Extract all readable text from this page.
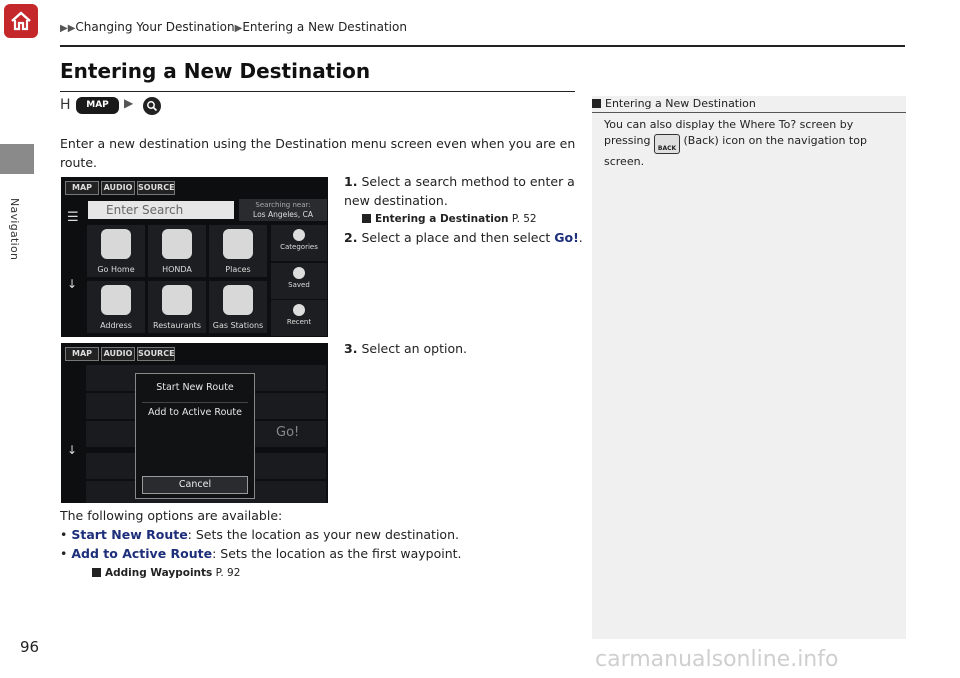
Navigation
▶▶Changing Your Destination▶Entering a New Destination
Entering a New Destination
H	MAP	▶
Enter a new destination using the Destination menu screen even when you are en route.
MAP	AUDIO SOURCE
☰
↓
Enter Search	Searching near:
Los Angeles, CA
Go Home	HONDA	Places
Address	Restaurants	Gas Stations
Categories
Saved
Recent
MAP	AUDIO SOURCE
↓
Go!
Start New Route
Add to Active Route
Cancel
1. Select a search method to enter a new destination.
Entering a Destination P. 52
2. Select a place and then select Go!.
3. Select an option.
The following options are available:
• Start New Route: Sets the location as your new destination.
• Add to Active Route: Sets the location as the first waypoint.
Adding Waypoints P. 92
Entering a New Destination
You can also display the Where To? screen by pressing BACK (Back) icon on the navigation top screen.
96	carmanualsonline.info
